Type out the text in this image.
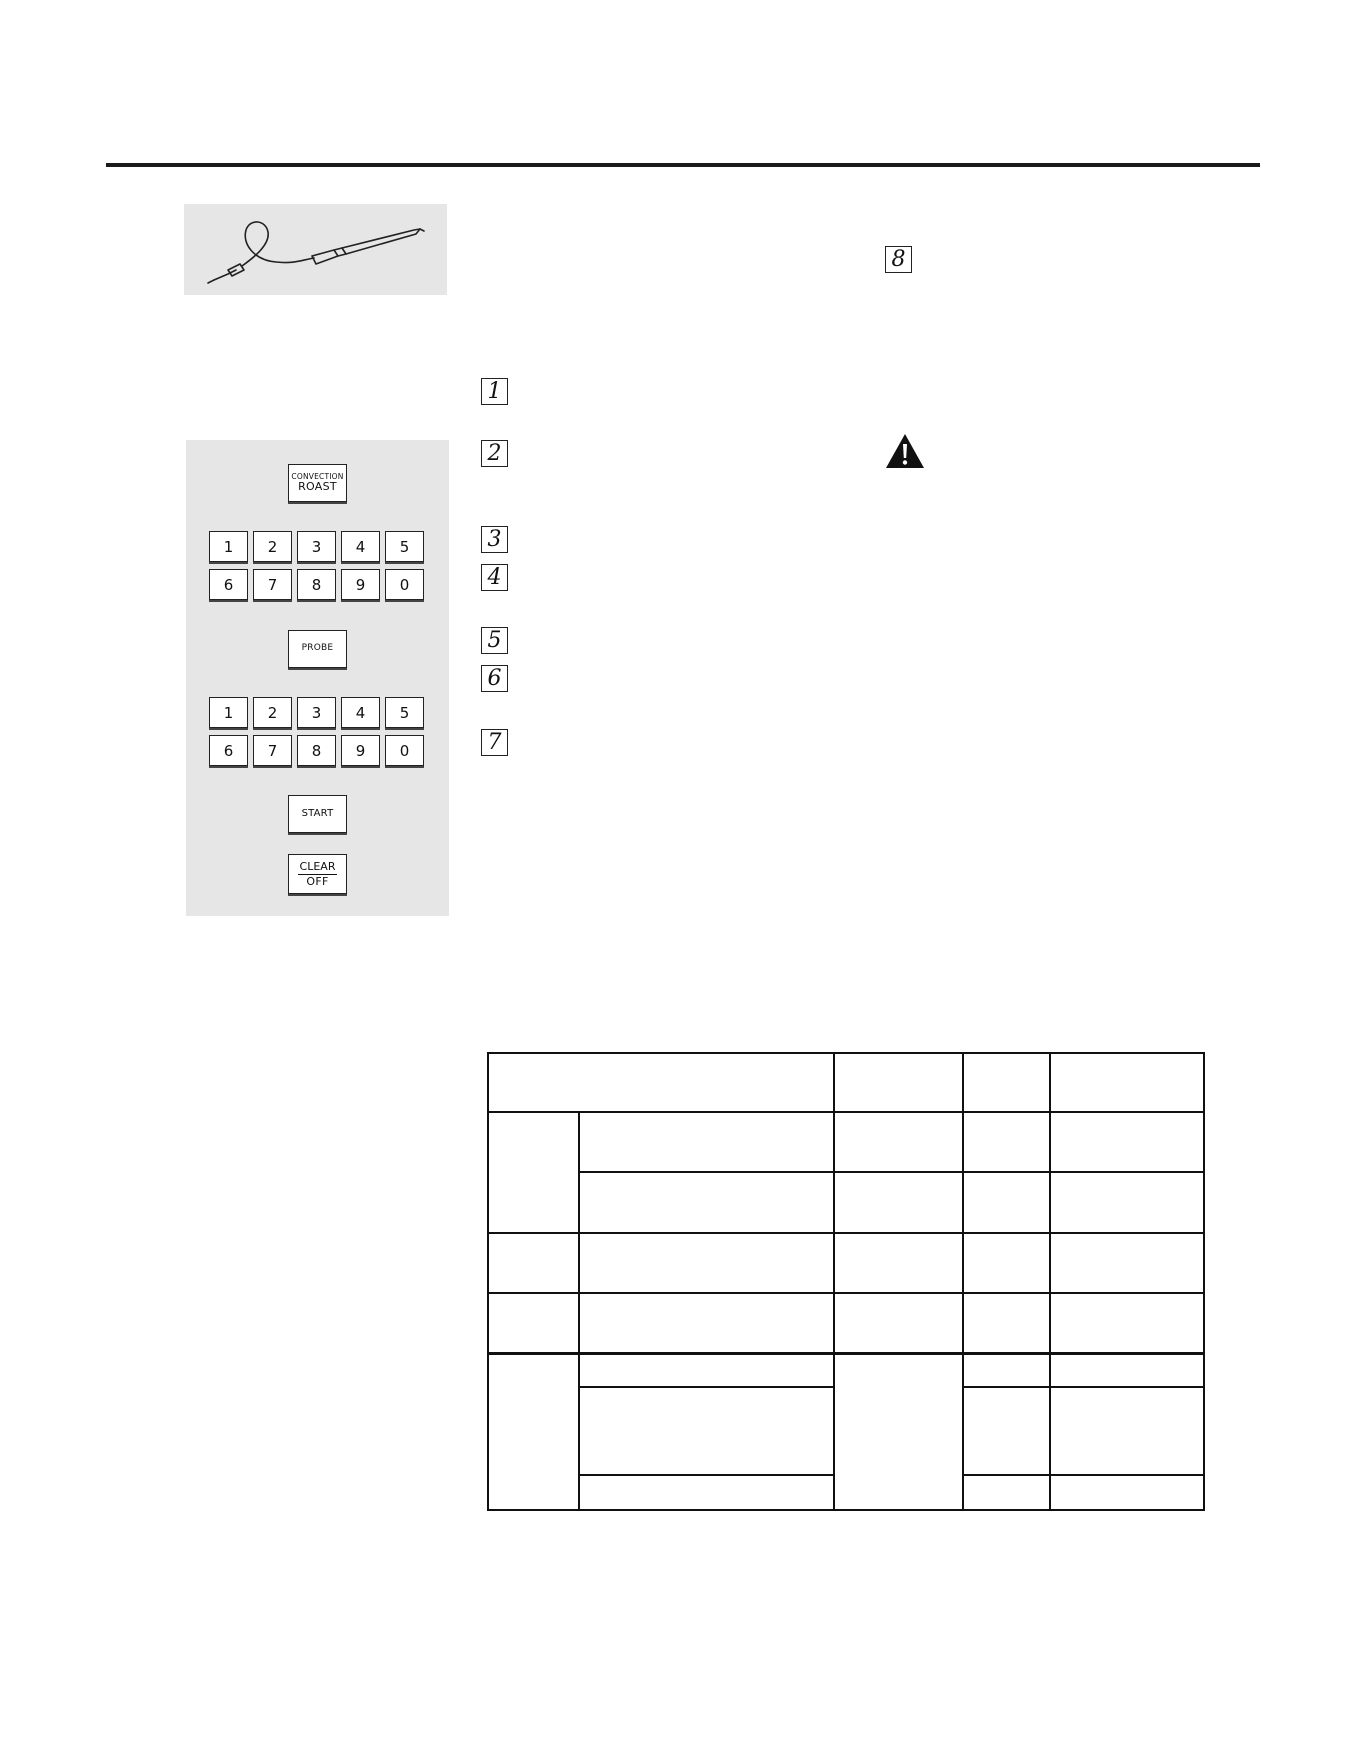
CONVECTION
ROAST
1	2	3	4	5
6	7	8	9	0
PROBE
1	2	3	4	5
6	7	8	9	0
START
CLEAR
OFF
1
2
3
4
5
6
7
8
